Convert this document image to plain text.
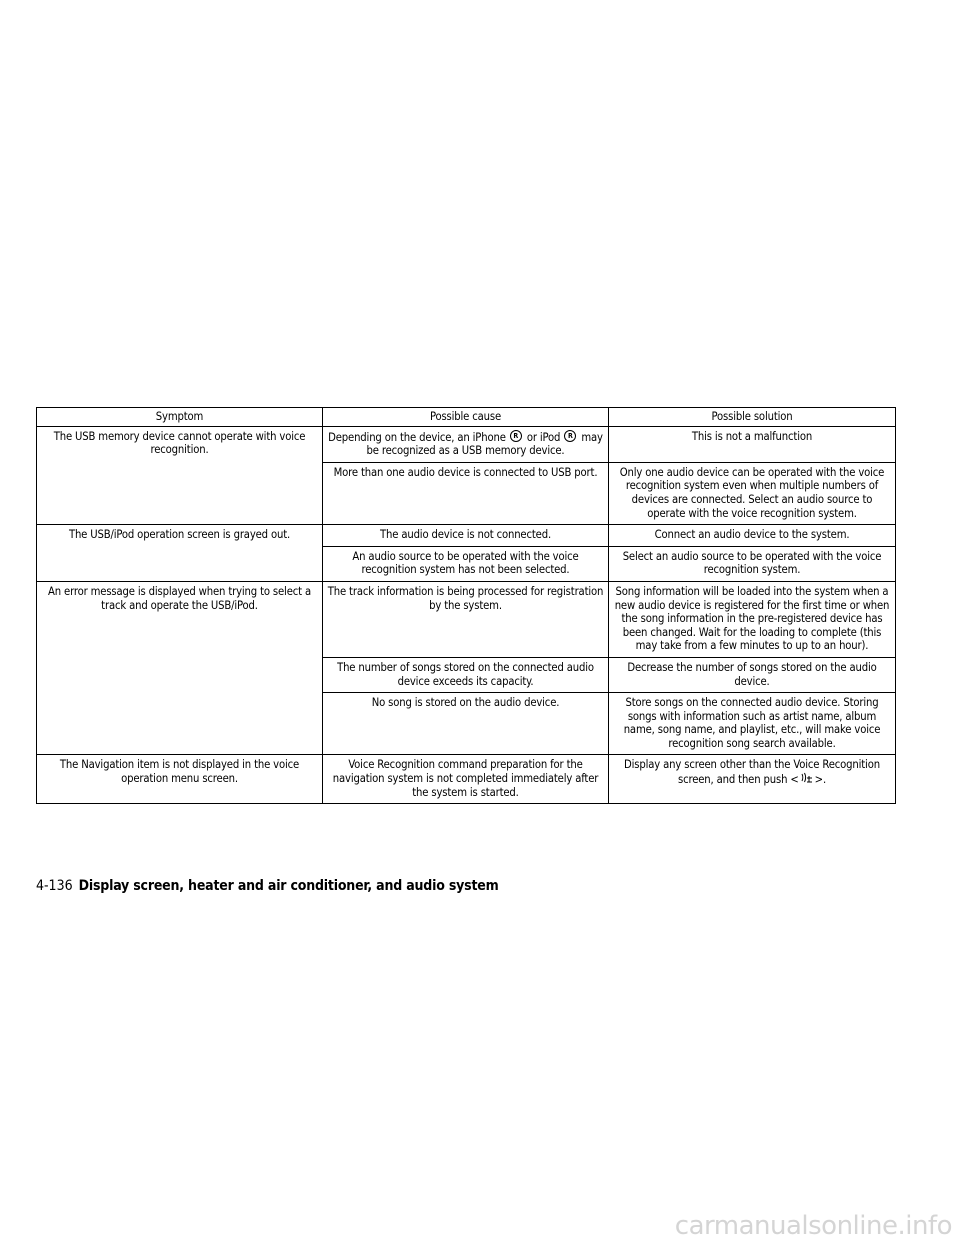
Symptom	Possible cause	Possible solution
The USB memory device cannot operate with voice recognition.	Depending on the device, an iPhone R or iPod R may be recognized as a USB memory device.	This is not a malfunction
	More than one audio device is connected to USB port.	Only one audio device can be operated with the voice recognition system even when multiple numbers of devices are connected. Select an audio source to operate with the voice recognition system.
The USB/iPod operation screen is grayed out.	The audio device is not connected.	Connect an audio device to the system.
	An audio source to be operated with the voice recognition system has not been selected.	Select an audio source to be operated with the voice recognition system.
An error message is displayed when trying to select a track and operate the USB/iPod.	The track information is being processed for registration by the system.	Song information will be loaded into the system when a new audio device is registered for the first time or when the song information in the pre-registered device has been changed. Wait for the loading to complete (this may take from a few minutes to up to an hour).
	The number of songs stored on the connected audio device exceeds its capacity.	Decrease the number of songs stored on the audio device.
	No song is stored on the audio device.	Store songs on the connected audio device. Storing songs with information such as artist name, album name, song name, and playlist, etc., will make voice recognition song search available.
The Navigation item is not displayed in the voice operation menu screen.	Voice Recognition command preparation for the navigation system is not completed immediately after the system is started.	Display any screen other than the Voice Recognition screen, and then push < >.
4-136 Display screen, heater and air conditioner, and audio system
carmanualsonline.info
